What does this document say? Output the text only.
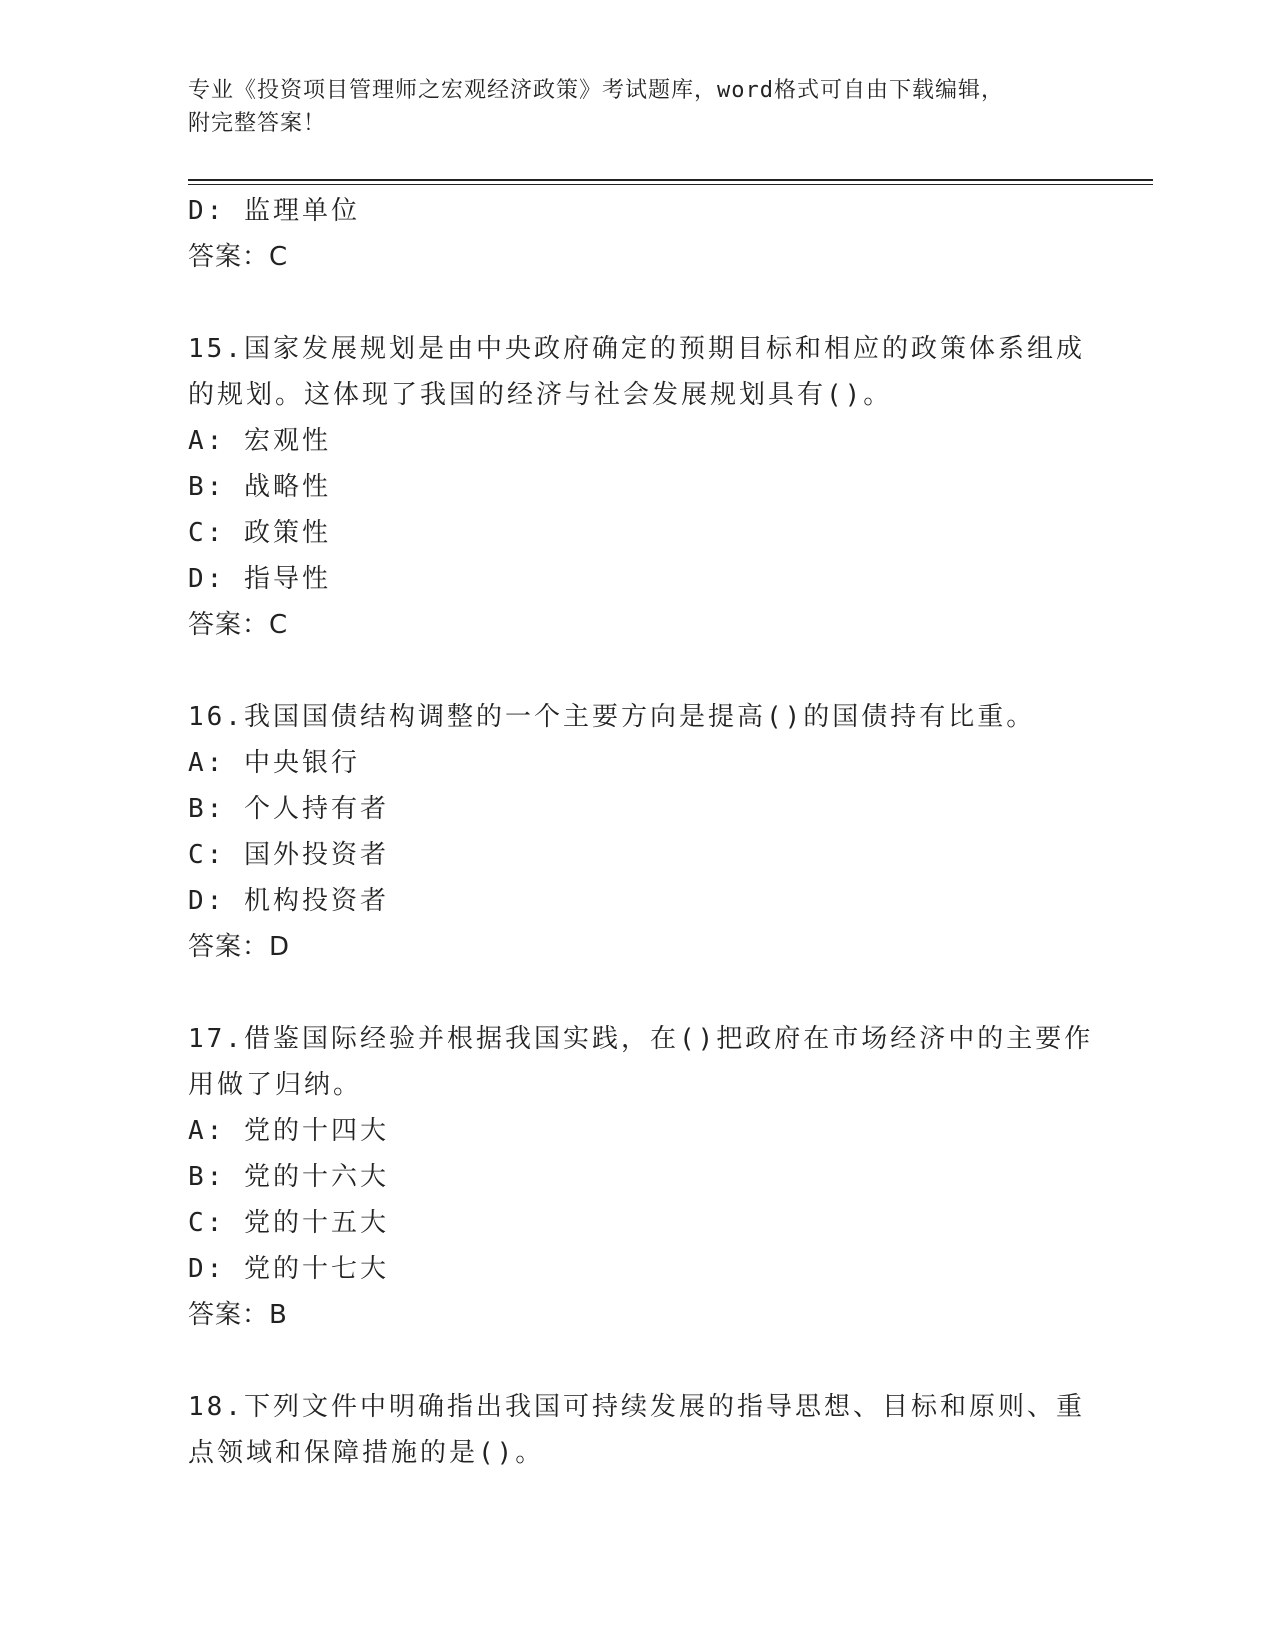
专业《投资项目管理师之宏观经济政策》考试题库，word格式可自由下载编辑，
附完整答案！
D: 监理单位
答案：C
15.国家发展规划是由中央政府确定的预期目标和相应的政策体系组成
的规划。这体现了我国的经济与社会发展规划具有()。
A: 宏观性
B: 战略性
C: 政策性
D: 指导性
答案：C
16.我国国债结构调整的一个主要方向是提高()的国债持有比重。
A: 中央银行
B: 个人持有者
C: 国外投资者
D: 机构投资者
答案：D
17.借鉴国际经验并根据我国实践，在()把政府在市场经济中的主要作
用做了归纳。
A: 党的十四大
B: 党的十六大
C: 党的十五大
D: 党的十七大
答案：B
18.下列文件中明确指出我国可持续发展的指导思想、目标和原则、重
点领域和保障措施的是()。
